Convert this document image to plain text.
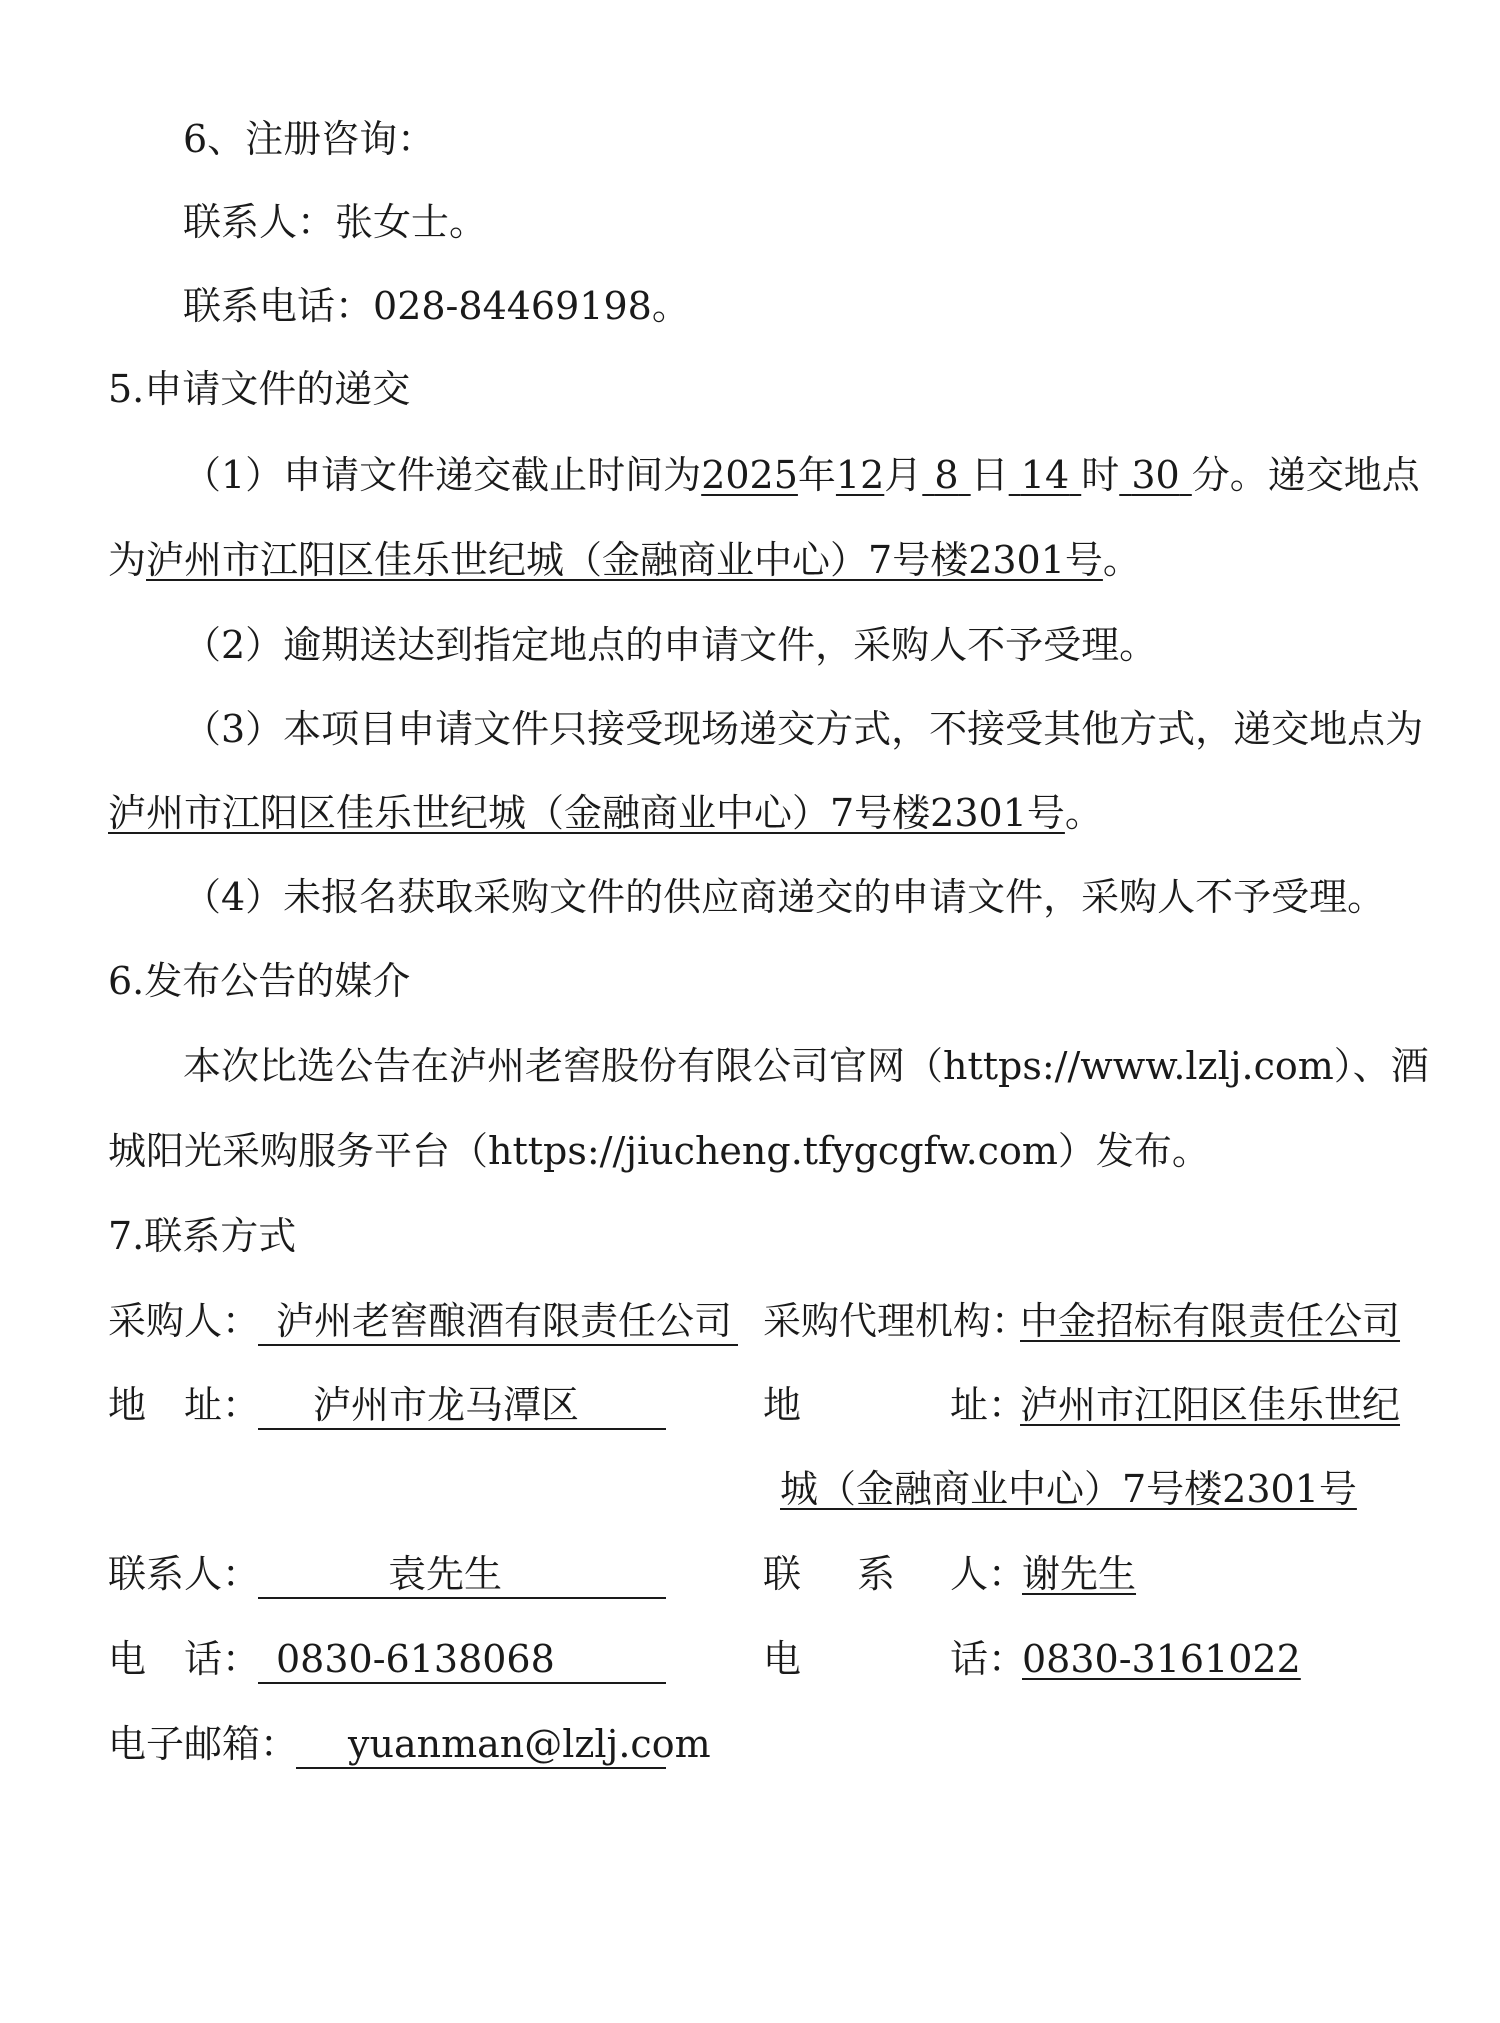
6、注册咨询：
联系人：张女士。
联系电话：028-84469198。
5.申请文件的递交
（1）申请文件递交截止时间为2025年12月 8 日 14 时 30 分。递交地点
为泸州市江阳区佳乐世纪城（金融商业中心）7号楼2301号。
（2）逾期送达到指定地点的申请文件，采购人不予受理。
（3）本项目申请文件只接受现场递交方式，不接受其他方式，递交地点为
泸州市江阳区佳乐世纪城（金融商业中心）7号楼2301号。
（4）未报名获取采购文件的供应商递交的申请文件，采购人不予受理。
6.发布公告的媒介
本次比选公告在泸州老窖股份有限公司官网（https://www.lzlj.com）、酒
城阳光采购服务平台（https://jiucheng.tfygcgfw.com）发布。
7.联系方式
采购人： 泸州老窖酿酒有限责任公司
地　址： 泸州市龙马潭区
联系人：	袁先生
电　话： 0830-6138068
电子邮箱： yuanman@lzlj.com
采购代理机构：
中金招标有限责任公司
地	址：
泸州市江阳区佳乐世纪
城（金融商业中心）7号楼2301号
联 系 人：
谢先生
电	话：
0830-3161022
